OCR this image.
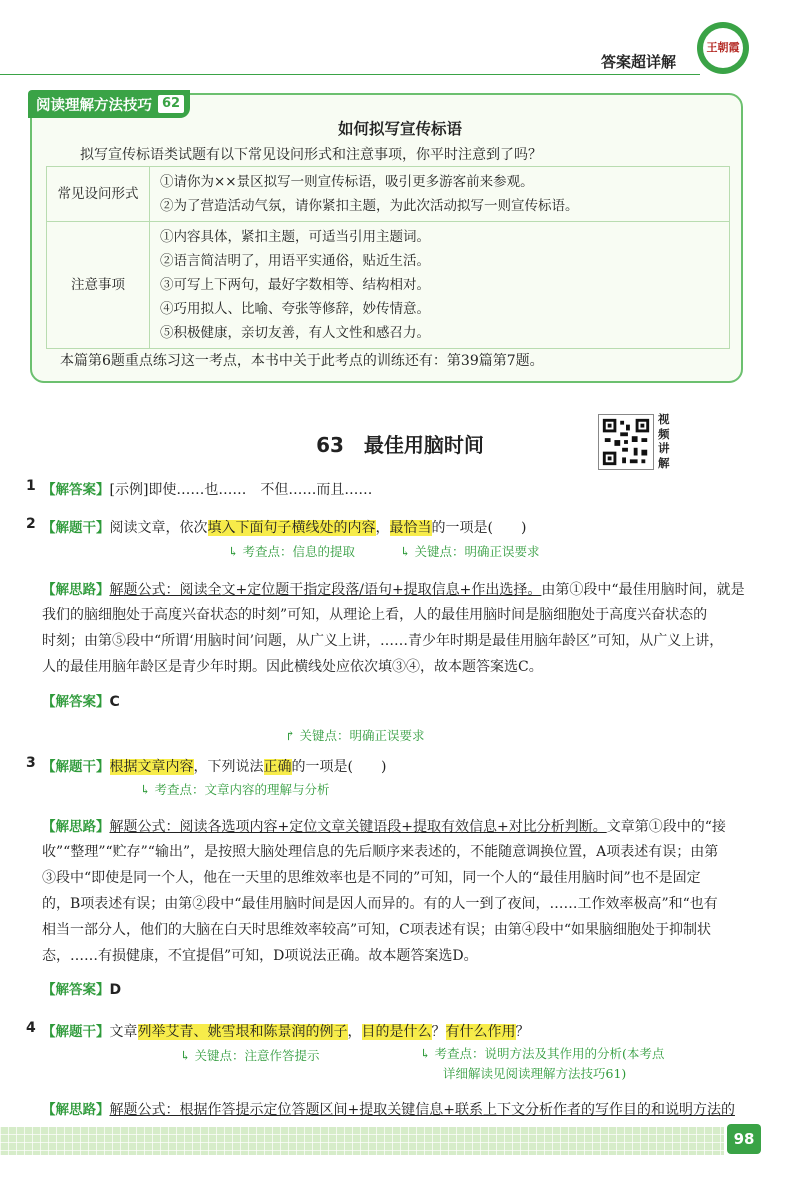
答案超详解
王朝霞
阅读理解方法技巧 62
如何拟写宣传标语
拟写宣传标语类试题有以下常见设问形式和注意事项，你平时注意到了吗？
常见设问形式	①请你为××景区拟写一则宣传标语，吸引更多游客前来参观。
②为了营造活动气氛，请你紧扣主题，为此次活动拟写一则宣传标语。

注意事项	①内容具体，紧扣主题，可适当引用主题词。
②语言简洁明了，用语平实通俗，贴近生活。
③可写上下两句，最好字数相等、结构相对。
④巧用拟人、比喻、夸张等修辞，妙传情意。
⑤积极健康，亲切友善，有人文性和感召力。
本篇第6题重点练习这一考点，本书中关于此考点的训练还有：第39篇第7题。
63　 最佳用脑时间
视频讲解
1 【解答案】[示例]即使……也……　不但……而且……
2 【解题干】阅读文章，依次填入下面句子横线处的内容，最恰当的一项是(　　)
↳ 考查点：信息的提取	↳ 关键点：明确正误要求
【解思路】解题公式：阅读全文+定位题干指定段落/语句+提取信息+作出选择。由第①段中“最佳用脑时间，就是
我们的脑细胞处于高度兴奋状态的时刻”可知，从理论上看，人的最佳用脑时间是脑细胞处于高度兴奋状态的
时刻；由第⑤段中“所谓‘用脑时间’问题，从广义上讲，……青少年时期是最佳用脑年龄区”可知，从广义上讲，
人的最佳用脑年龄区是青少年时期。因此横线处应依次填③④，故本题答案选C。
【解答案】C
↱ 关键点：明确正误要求
3 【解题干】根据文章内容，下列说法正确的一项是(　　)
↳ 考查点：文章内容的理解与分析
【解思路】解题公式：阅读各选项内容+定位文章关键语段+提取有效信息+对比分析判断。文章第①段中的“接
收”“整理”“贮存”“输出”，是按照大脑处理信息的先后顺序来表述的，不能随意调换位置，A项表述有误；由第
③段中“即使是同一个人，他在一天里的思维效率也是不同的”可知，同一个人的“最佳用脑时间”也不是固定
的，B项表述有误；由第②段中“最佳用脑时间是因人而异的。有的人一到了夜间，……工作效率极高”和“也有
相当一部分人，他们的大脑在白天时思维效率较高”可知，C项表述有误；由第④段中“如果脑细胞处于抑制状
态，……有损健康，不宜提倡”可知，D项说法正确。故本题答案选D。
【解答案】D
4 【解题干】文章列举艾青、姚雪垠和陈景润的例子，目的是什么？有什么作用？
↳ 关键点：注意作答提示	↳ 考查点：说明方法及其作用的分析(本考点
详细解读见阅读理解方法技巧61)
【解思路】解题公式：根据作答提示定位答题区间+提取关键信息+联系上下文分析作者的写作目的和说明方法的
98
